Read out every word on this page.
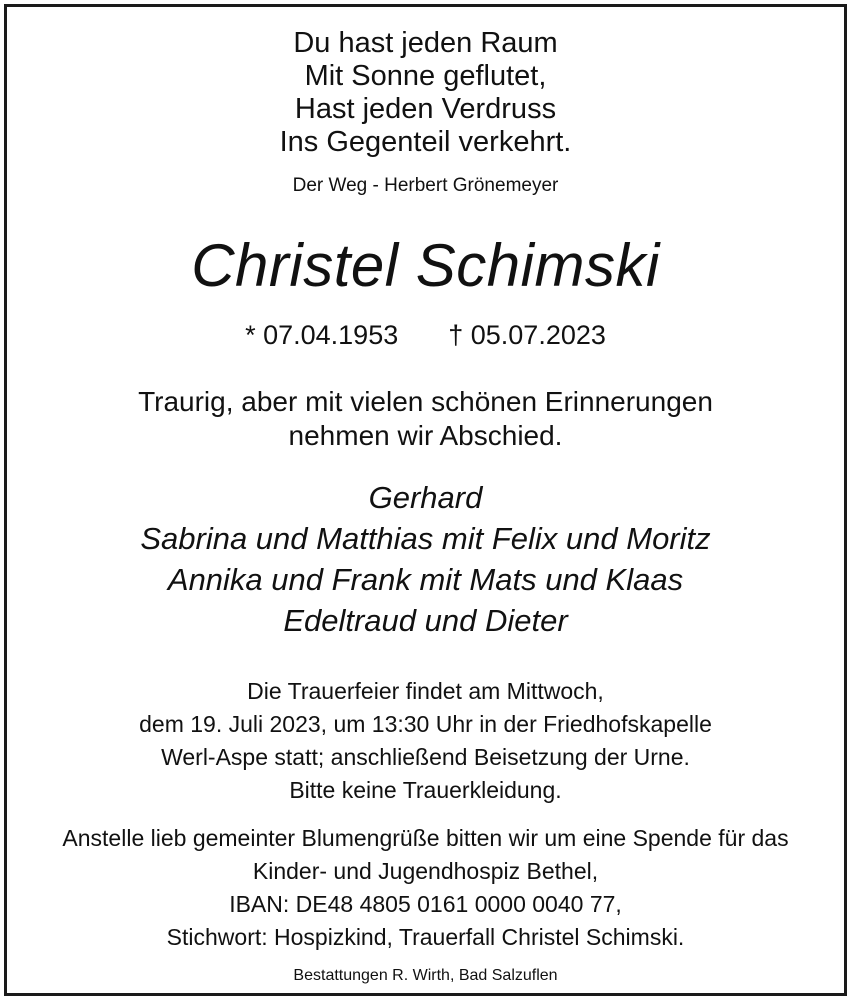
Du hast jeden Raum
Mit Sonne geflutet,
Hast jeden Verdruss
Ins Gegenteil verkehrt.
Der Weg - Herbert Grönemeyer
Christel Schimski
* 07.04.1953 † 05.07.2023
Traurig, aber mit vielen schönen Erinnerungen
nehmen wir Abschied.
Gerhard
Sabrina und Matthias mit Felix und Moritz
Annika und Frank mit Mats und Klaas
Edeltraud und Dieter
Die Trauerfeier findet am Mittwoch,
dem 19. Juli 2023, um 13:30 Uhr in der Friedhofskapelle
Werl-Aspe statt; anschließend Beisetzung der Urne.
Bitte keine Trauerkleidung.
Anstelle lieb gemeinter Blumengrüße bitten wir um eine Spende für das
Kinder- und Jugendhospiz Bethel,
IBAN: DE48 4805 0161 0000 0040 77,
Stichwort: Hospizkind, Trauerfall Christel Schimski.
Bestattungen R. Wirth, Bad Salzuflen
